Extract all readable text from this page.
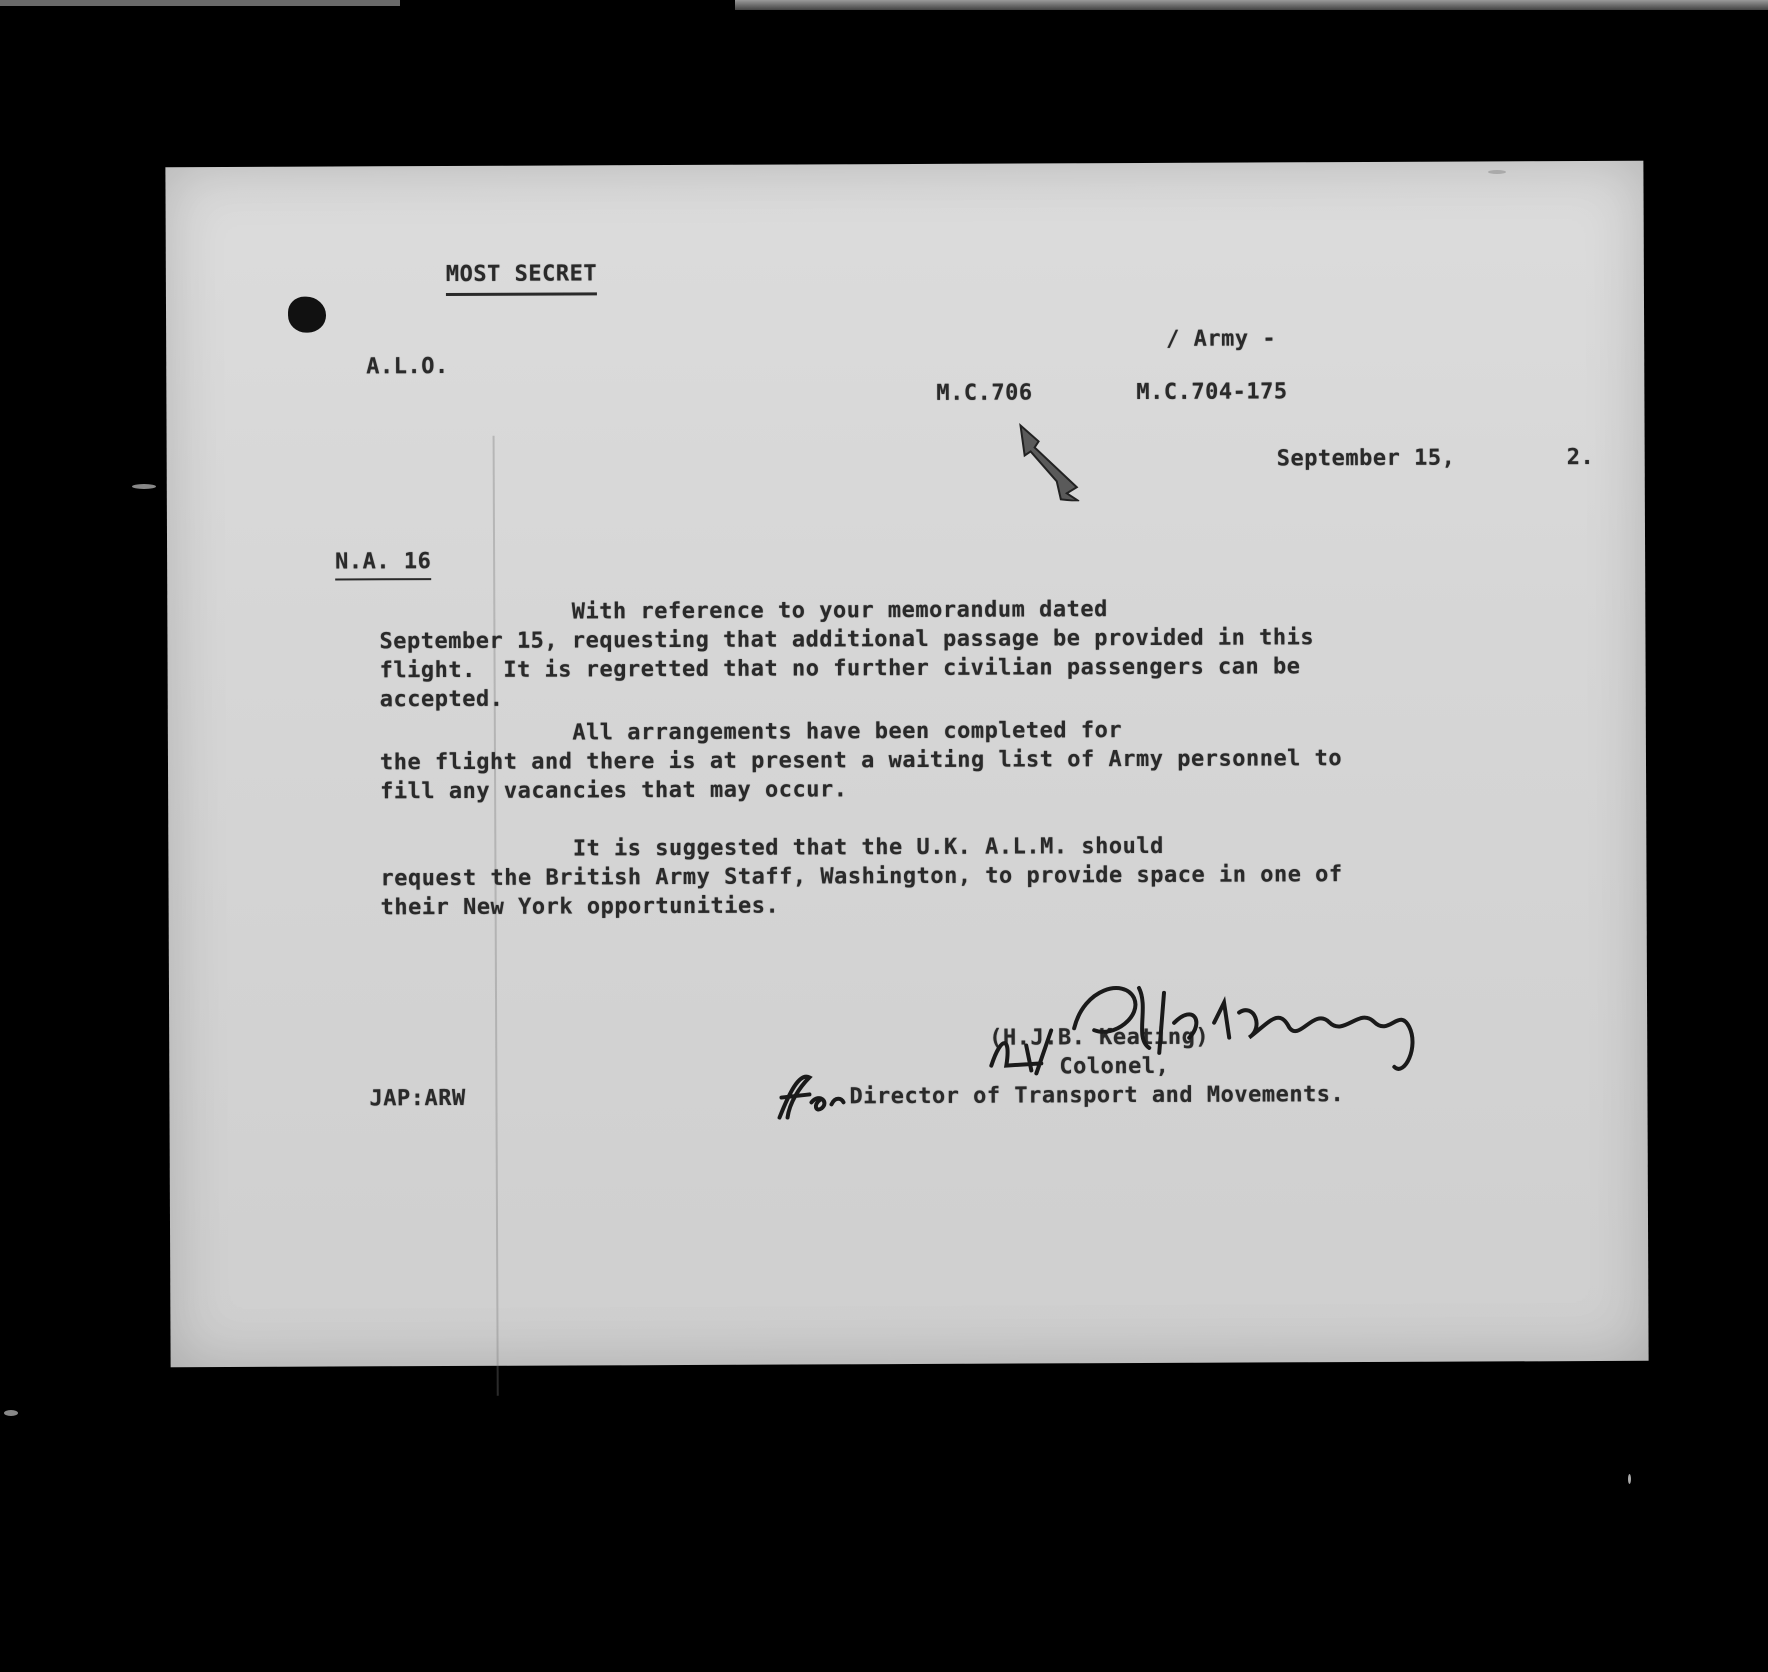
MOST SECRET
A.L.O.
/ Army -
M.C.706	M.C.704-175
September 15,	2.
N.A. 16
With reference to your memorandum dated
September 15, requesting that additional passage be provided in this
flight.  It is regretted that no further civilian passengers can be
accepted.
All arrangements have been completed for
the flight and there is at present a waiting list of Army personnel to
fill any vacancies that may occur.
It is suggested that the U.K. A.L.M. should
request the British Army Staff, Washington, to provide space in one of
their New York opportunities.
(H.J.B. Keating)
Colonel,
Director of Transport and Movements.
JAP:ARW
